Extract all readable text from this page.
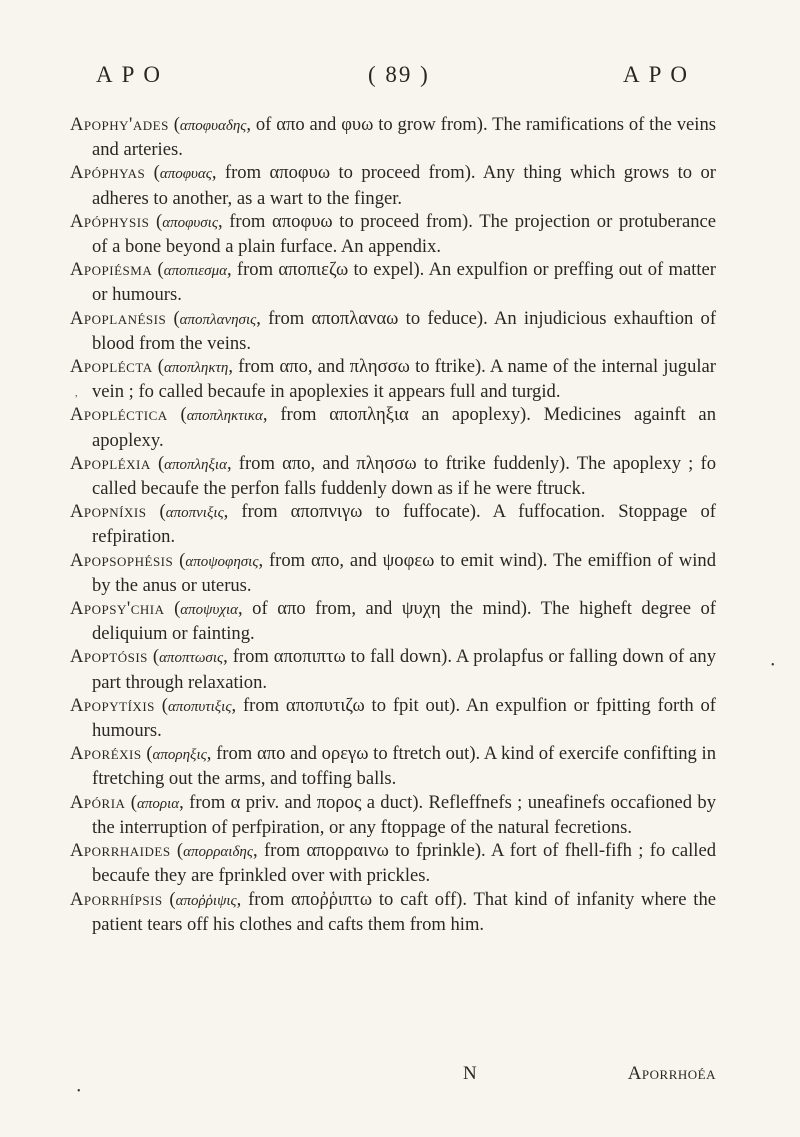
APO	( 89 )	APO

Apophy'ades (αποφυαδης, of απο and φυω to grow from). The ramifications of the veins and arteries.

Apóphyas (αποφυας, from αποφυω to proceed from). Any thing which grows to or adheres to another, as a wart to the finger.

Apóphysis (αποφυσις, from αποφυω to proceed from). The projection or protuberance of a bone beyond a plain furface. An appendix.

Apopiésma (αποπιεσμα, from αποπιεζω to expel). An expulfion or preffing out of matter or humours.

Apoplanésis (αποπλανησις, from αποπλαναω to feduce). An injudicious exhauftion of blood from the veins.

Apoplécta (αποπληκτη, from απο, and πλησσω to ftrike). A name of the internal jugular vein ; fo called becaufe in apoplexies it appears full and turgid.

Apopléctica (αποπληκτικα, from αποπληξια an apoplexy). Medicines againft an apoplexy.

Apopléxia (αποπληξια, from απο, and πλησσω to ftrike fuddenly). The apoplexy ; fo called becaufe the perfon falls fuddenly down as if he were ftruck.

Apopníxis (αποπνιξις, from αποπνιγω to fuffocate). A fuffocation. Stoppage of refpiration.

Apopsophésis (αποψοφησις, from απο, and ψοφεω to emit wind). The emiffion of wind by the anus or uterus.

Apopsy'chia (αποψυχια, of απο from, and ψυχη the mind). The higheft degree of deliquium or fainting.

Apoptósis (αποπτωσις, from αποπιπτω to fall down). A prolapfus or falling down of any part through relaxation.

Apopytíxis (αποπυτιξις, from αποπυτιζω to fpit out). An expulfion or fpitting forth of humours.

Aporéxis (απορηξις, from απο and ορεγω to ftretch out). A kind of exercife confifting in ftretching out the arms, and toffing balls.

Apória (απορια, from α priv. and πορος a duct). Refleffnefs ; uneafinefs occafioned by the interruption of perfpiration, or any ftoppage of the natural fecretions.

Aporrhaides (απορραιδης, from απορραινω to fprinkle). A fort of fhell-fifh ; fo called becaufe they are fprinkled over with prickles.

Aporrhípsis (αποῤῥιψις, from αποῤῥιπτω to caft off). That kind of infanity where the patient tears off his clothes and cafts them from him.

,
•
•
N	Aporrhoéa
